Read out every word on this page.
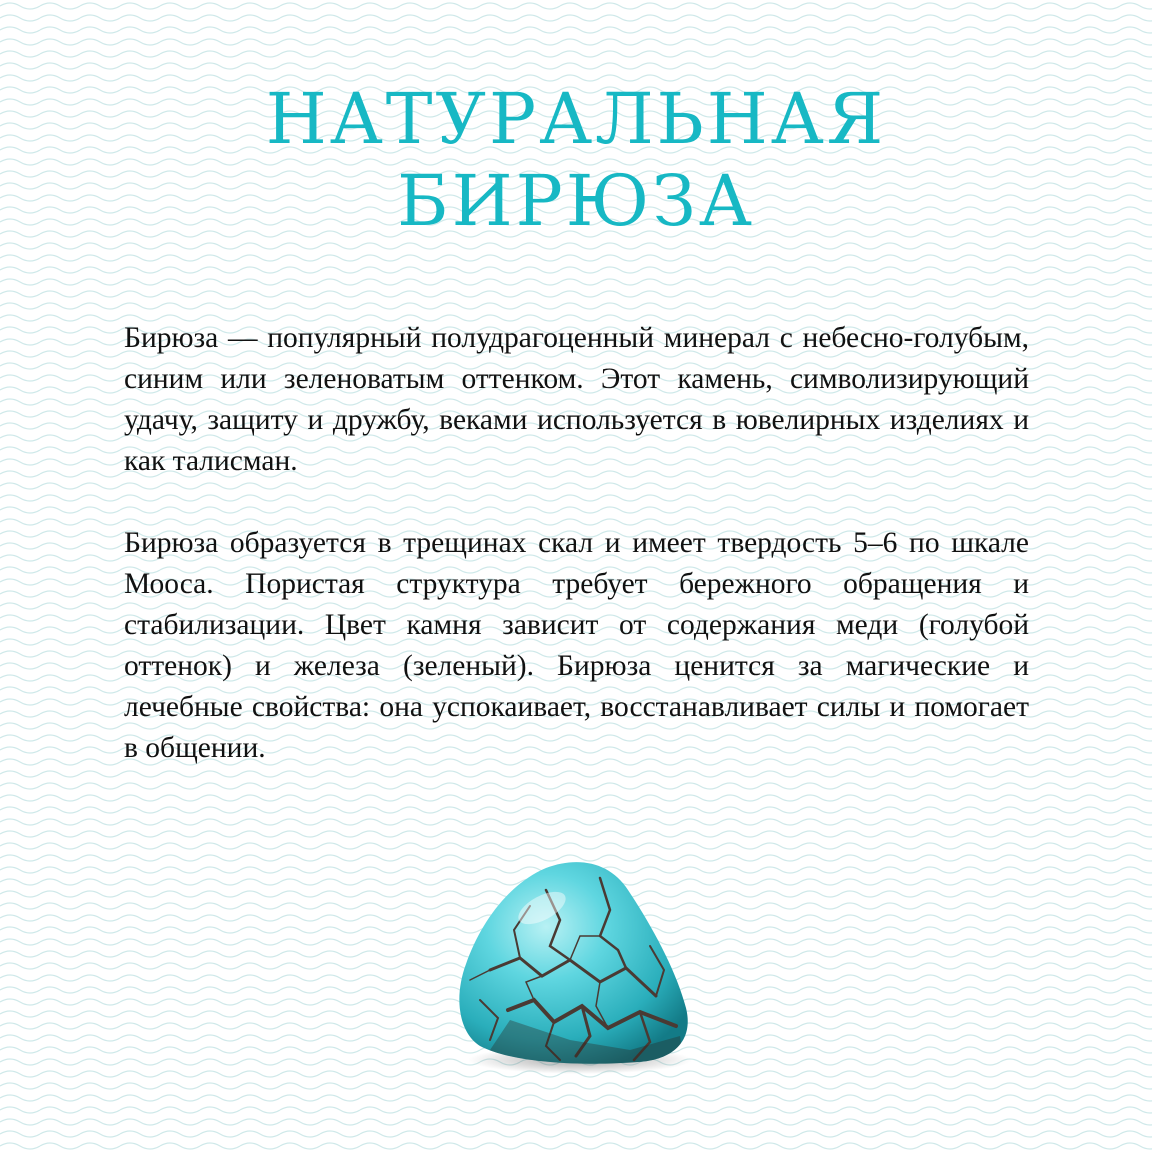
НАТУРАЛЬНАЯ
БИРЮЗА

Бирюза — популярный полудрагоценный минерал с небесно-голубым, синим или зеленоватым оттенком. Этот камень, символизирующий удачу, защиту и дружбу, веками используется в ювелирных изделиях и как талисман.

Бирюза образуется в трещинах скал и имеет твердость 5–6 по шкале Мооса. Пористая структура требует бережного обращения и стабилизации. Цвет камня зависит от содержания меди (голубой оттенок) и железа (зеленый). Бирюза ценится за магические и лечебные свойства: она успокаивает, восстанавливает силы и помогает в общении.
